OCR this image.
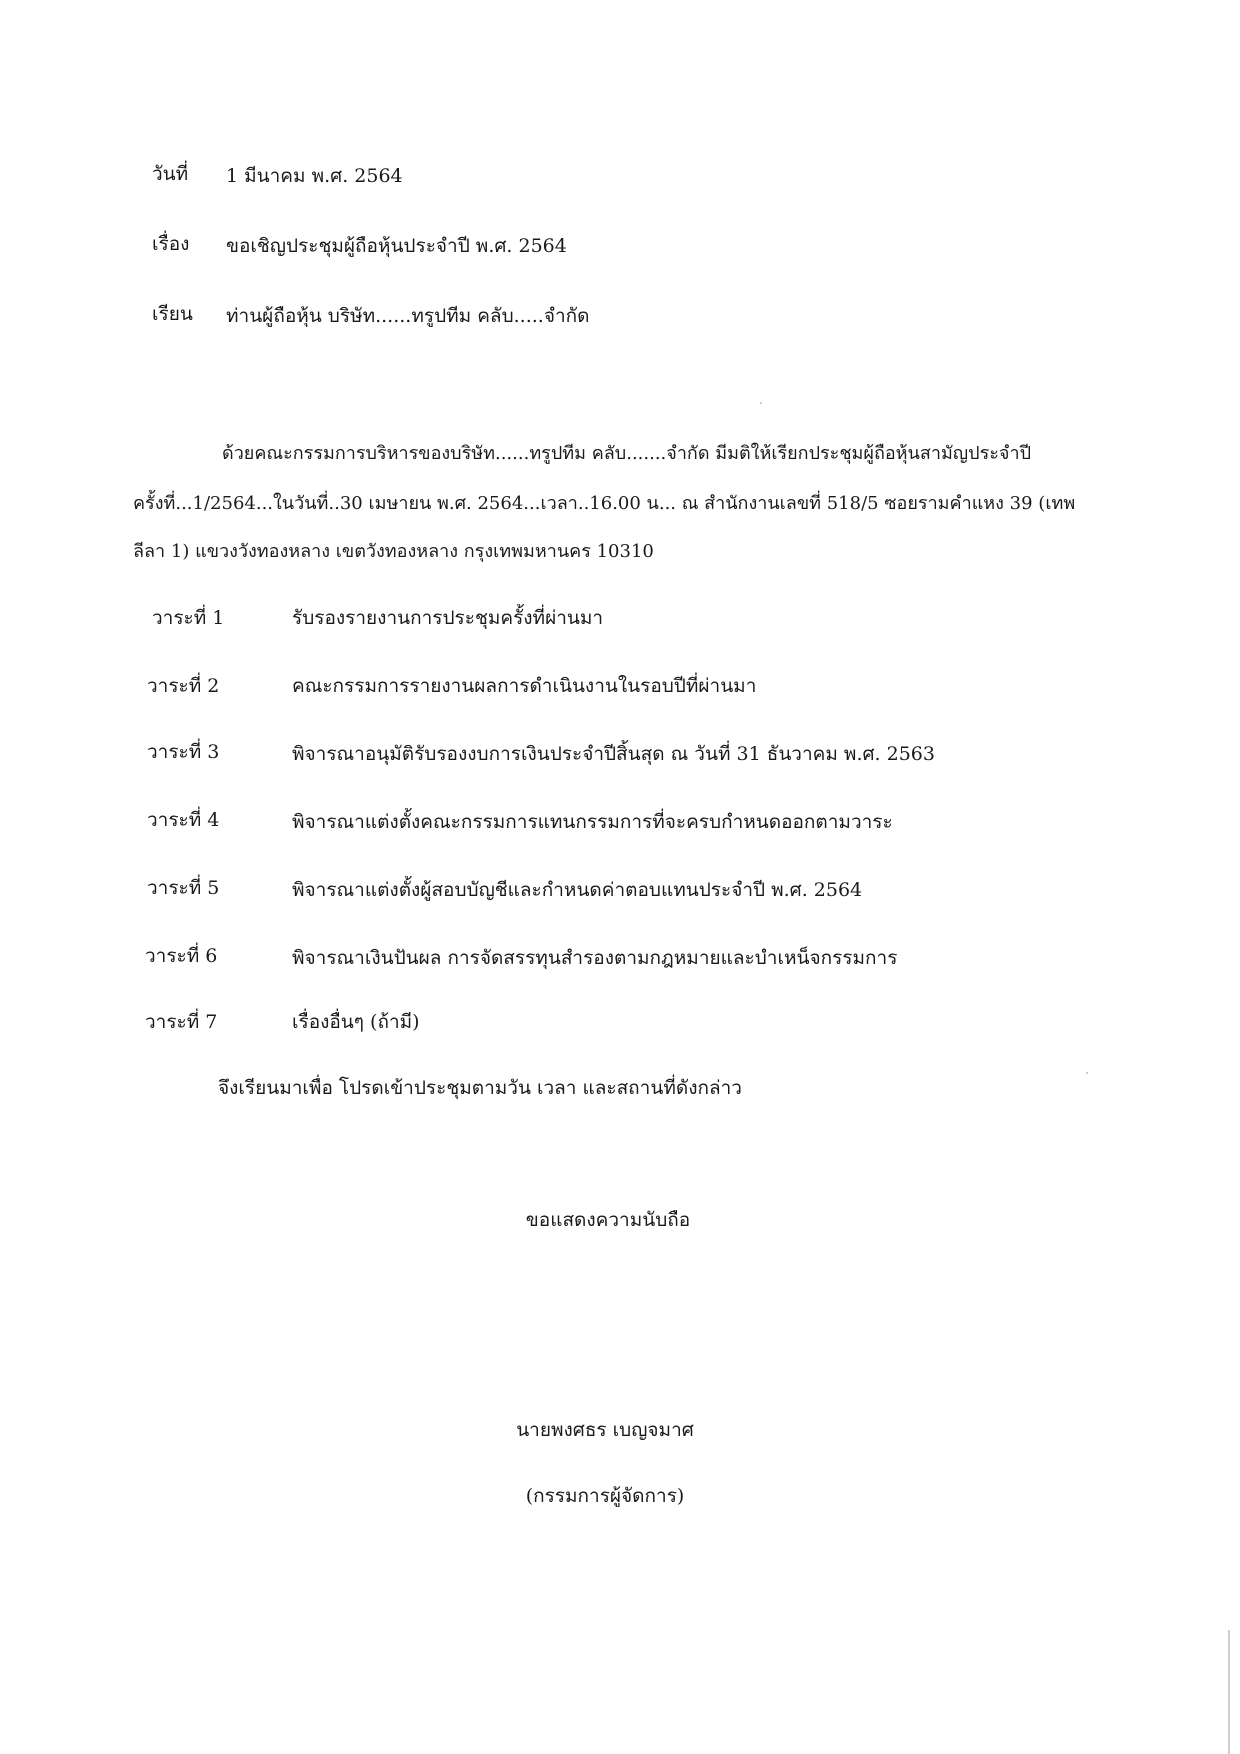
วันที่ 1 มีนาคม พ.ศ. 2564
เรื่อง ขอเชิญประชุมผู้ถือหุ้นประจำปี พ.ศ. 2564
เรียน ท่านผู้ถือหุ้น บริษัท......ทรูปทีม คลับ.....จำกัด
ด้วยคณะกรรมการบริหารของบริษัท......ทรูปทีม คลับ.......จำกัด มีมติให้เรียกประชุมผู้ถือหุ้นสามัญประจำปี
ครั้งที่...1/2564...ในวันที่..30 เมษายน พ.ศ. 2564...เวลา..16.00 น... ณ สำนักงานเลขที่ 518/5 ซอยรามคำแหง 39 (เทพ
ลีลา 1) แขวงวังทองหลาง เขตวังทองหลาง กรุงเทพมหานคร 10310
วาระที่ 1	รับรองรายงานการประชุมครั้งที่ผ่านมา
วาระที่ 2	คณะกรรมการรายงานผลการดำเนินงานในรอบปีที่ผ่านมา
วาระที่ 3	พิจารณาอนุมัติรับรองงบการเงินประจำปีสิ้นสุด ณ วันที่ 31 ธันวาคม พ.ศ. 2563
วาระที่ 4	พิจารณาแต่งตั้งคณะกรรมการแทนกรรมการที่จะครบกำหนดออกตามวาระ
วาระที่ 5	พิจารณาแต่งตั้งผู้สอบบัญชีและกำหนดค่าตอบแทนประจำปี พ.ศ. 2564
วาระที่ 6	พิจารณาเงินปันผล การจัดสรรทุนสำรองตามกฎหมายและบำเหน็จกรรมการ
วาระที่ 7	เรื่องอื่นๆ (ถ้ามี)
จึงเรียนมาเพื่อ โปรดเข้าประชุมตามวัน เวลา และสถานที่ดังกล่าว
ขอแสดงความนับถือ
นายพงศธร เบญจมาศ
(กรรมการผู้จัดการ)
